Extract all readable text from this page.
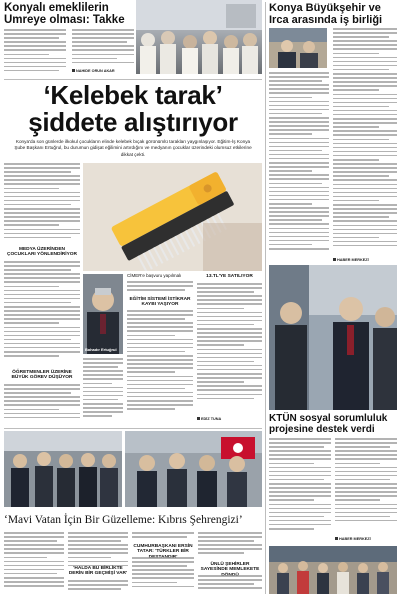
Konyalı emeklilerin Umreye olması: Takke
NAHIDE ORUN AKAR
Konya Büyükşehir ve Irca arasında iş birliği
HABER MERKEZİ
KTÜN sosyal sorumluluk
projesine destek verdi
HABER MERKEZİ
‘Kelebek tarak’
şiddete alıştırıyor
Konya'da son günlerde ilkokul çocukların elinde kelebek bıçak görünümlü tarakları yaygınlaşıyor. Eğitim-İş Konya Şube Başkanı Ertuğrul, bu durumun gidişat eğilimini artırdığını ve medyanın çocuklar üzerindeki olumsuz etkilerine dikkat çekti.
MEDYA ÜZERİNDEN ÇOCUKLARI YÖNLENDİRİYOR
ÖĞRETMENLER ÜZERİNE BÜYÜK GÖREV DÜŞÜYOR
Bahadır Ertuğrul
CİMER'e başvuru yapılmalı
EĞİTİM SİSTEMİ İSTİKRAR KAYBI YAŞIYOR
13.TL'YE SATILIYOR
EDİZ TUNA
‘Mavi Vatan İçin Bir Güzelleme: Kıbrıs Şehrengizi’
'HALDA BU BİRLİKTE DERİN BİR GEÇMİŞİ VAR'
CUMHURBAŞKANI ERSİN TATAR: 'TÜRKLER BİR
ÜNLÜ ŞEHİRLER SAYESİNDE MEMLEKETE
